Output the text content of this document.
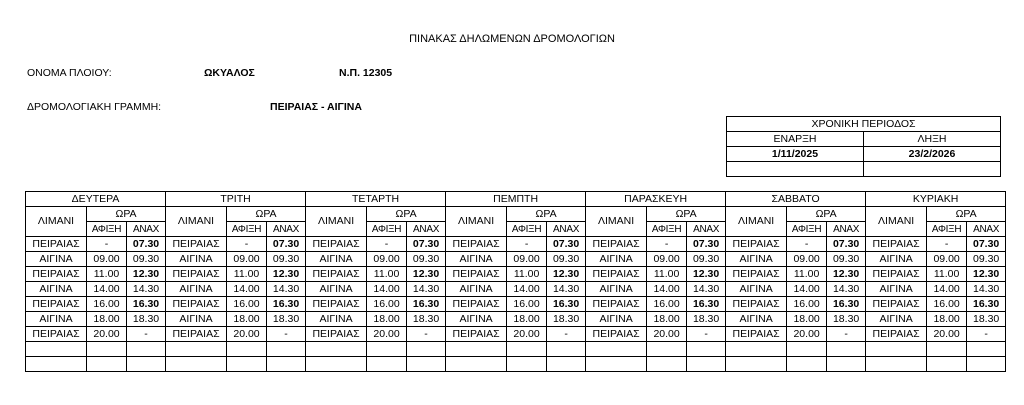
ΠΙΝΑΚΑΣ ΔΗΛΩΜΕΝΩΝ ΔΡΟΜΟΛΟΓΙΩΝ
ΟΝΟΜΑ ΠΛΟΙΟΥ:	ΩΚΥΑΛΟΣ	Ν.Π. 12305
ΔΡΟΜΟΛΟΓΙΑΚΗ ΓΡΑΜΜΗ:	ΠΕΙΡΑΙΑΣ - ΑΙΓΙΝΑ
ΧΡΟΝΙΚΗ ΠΕΡΙΟΔΟΣ	
ΕΝΑΡΞΗ	ΛΗΞΗ
1/11/2025	23/2/2026

ΔΕΥΤΕΡΑ			ΤΡΙΤΗ			ΤΕΤΑΡΤΗ			ΠΕΜΠΤΗ			ΠΑΡΑΣΚΕΥΗ			ΣΑΒΒΑΤΟ			ΚΥΡΙΑΚΗ		
ΛΙΜΑΝΙ	ΩΡΑ		ΛΙΜΑΝΙ	ΩΡΑ		ΛΙΜΑΝΙ	ΩΡΑ		ΛΙΜΑΝΙ	ΩΡΑ		ΛΙΜΑΝΙ	ΩΡΑ		ΛΙΜΑΝΙ	ΩΡΑ		ΛΙΜΑΝΙ	ΩΡΑ	
	ΑΦΙΞΗ	ΑΝΑΧ		ΑΦΙΞΗ	ΑΝΑΧ		ΑΦΙΞΗ	ΑΝΑΧ		ΑΦΙΞΗ	ΑΝΑΧ		ΑΦΙΞΗ	ΑΝΑΧ		ΑΦΙΞΗ	ΑΝΑΧ		ΑΦΙΞΗ	ΑΝΑΧ
ΠΕΙΡΑΙΑΣ	-	07.30	ΠΕΙΡΑΙΑΣ	-	07.30	ΠΕΙΡΑΙΑΣ	-	07.30	ΠΕΙΡΑΙΑΣ	-	07.30	ΠΕΙΡΑΙΑΣ	-	07.30	ΠΕΙΡΑΙΑΣ	-	07.30	ΠΕΙΡΑΙΑΣ	-	07.30
ΑΙΓΙΝΑ	09.00	09.30	ΑΙΓΙΝΑ	09.00	09.30	ΑΙΓΙΝΑ	09.00	09.30	ΑΙΓΙΝΑ	09.00	09.30	ΑΙΓΙΝΑ	09.00	09.30	ΑΙΓΙΝΑ	09.00	09.30	ΑΙΓΙΝΑ	09.00	09.30
ΠΕΙΡΑΙΑΣ	11.00	12.30	ΠΕΙΡΑΙΑΣ	11.00	12.30	ΠΕΙΡΑΙΑΣ	11.00	12.30	ΠΕΙΡΑΙΑΣ	11.00	12.30	ΠΕΙΡΑΙΑΣ	11.00	12.30	ΠΕΙΡΑΙΑΣ	11.00	12.30	ΠΕΙΡΑΙΑΣ	11.00	12.30
ΑΙΓΙΝΑ	14.00	14.30	ΑΙΓΙΝΑ	14.00	14.30	ΑΙΓΙΝΑ	14.00	14.30	ΑΙΓΙΝΑ	14.00	14.30	ΑΙΓΙΝΑ	14.00	14.30	ΑΙΓΙΝΑ	14.00	14.30	ΑΙΓΙΝΑ	14.00	14.30
ΠΕΙΡΑΙΑΣ	16.00	16.30	ΠΕΙΡΑΙΑΣ	16.00	16.30	ΠΕΙΡΑΙΑΣ	16.00	16.30	ΠΕΙΡΑΙΑΣ	16.00	16.30	ΠΕΙΡΑΙΑΣ	16.00	16.30	ΠΕΙΡΑΙΑΣ	16.00	16.30	ΠΕΙΡΑΙΑΣ	16.00	16.30
ΑΙΓΙΝΑ	18.00	18.30	ΑΙΓΙΝΑ	18.00	18.30	ΑΙΓΙΝΑ	18.00	18.30	ΑΙΓΙΝΑ	18.00	18.30	ΑΙΓΙΝΑ	18.00	18.30	ΑΙΓΙΝΑ	18.00	18.30	ΑΙΓΙΝΑ	18.00	18.30
ΠΕΙΡΑΙΑΣ	20.00	-	ΠΕΙΡΑΙΑΣ	20.00	-	ΠΕΙΡΑΙΑΣ	20.00	-	ΠΕΙΡΑΙΑΣ	20.00	-	ΠΕΙΡΑΙΑΣ	20.00	-	ΠΕΙΡΑΙΑΣ	20.00	-	ΠΕΙΡΑΙΑΣ	20.00	-
